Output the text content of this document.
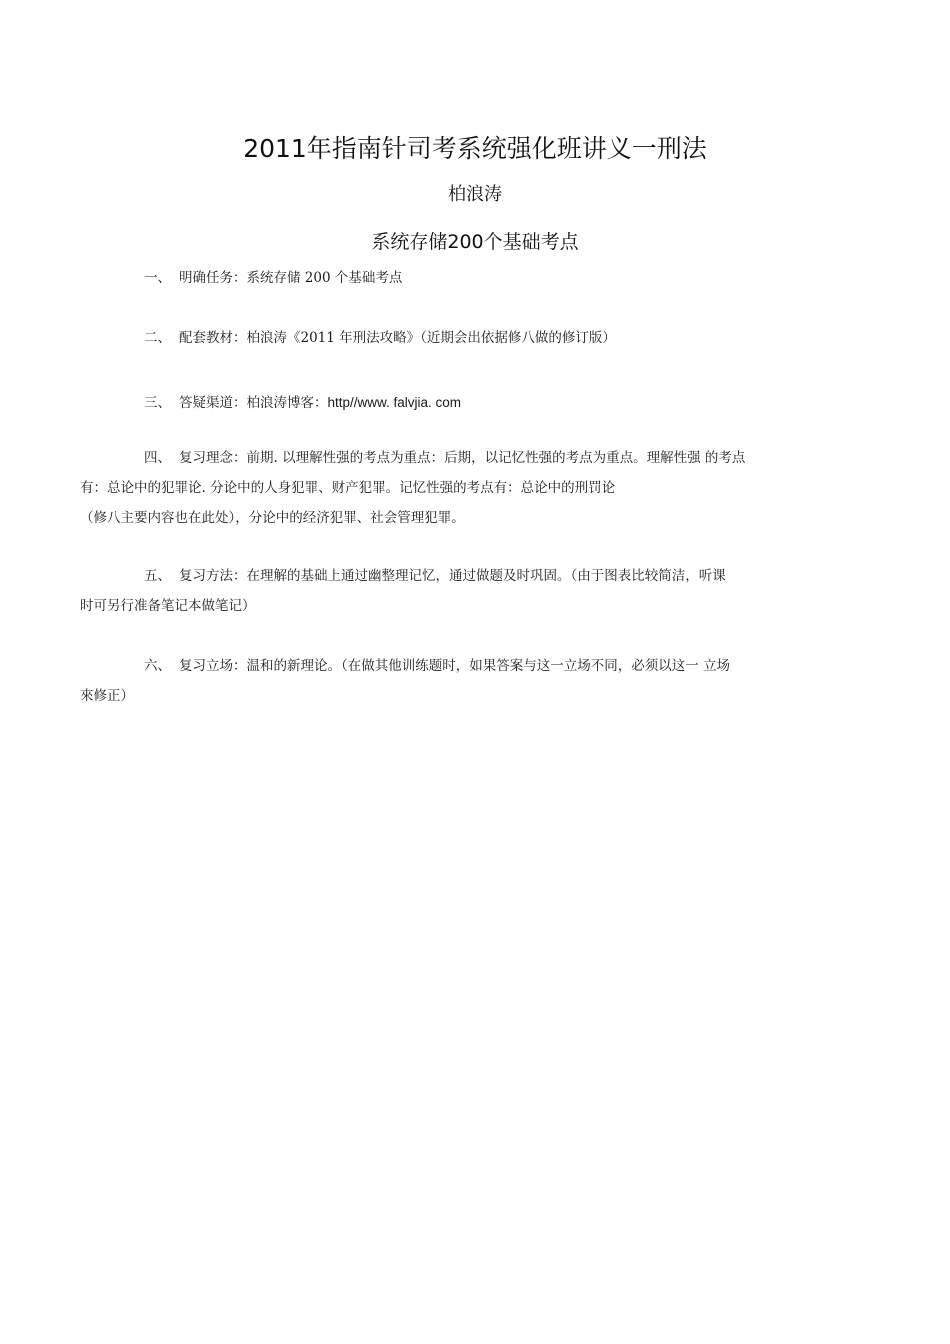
2011年指南针司考系统强化班讲义一刑法
柏浪涛
系统存储200个基础考点

一、 明确任务：系统存储 200 个基础考点

二、 配套教材：柏浪涛《2011 年刑法攻略》（近期会出依据修八做的修订版）

三、 答疑渠道：柏浪涛博客：http//www. falvjia. com

四、 复习理念：前期. 以理解性强的考点为重点：后期，以记忆性强的考点为重点。理解性强 的考点
有：总论中的犯罪论. 分论中的人身犯罪、财产犯罪。记忆性强的考点有：总论中的刑罚论
（修八主要内容也在此处），分论中的经济犯罪、社会管理犯罪。

五、 复习方法：在理解的基础上通过幽整理记忆，通过做题及时巩固。（由于图表比较简洁，听课
时可另行准备笔记本做笔记）

六、 复习立场：温和的新理论。（在做其他训练题时，如果答案与这一立场不同，必须以这一 立场
來修正）
